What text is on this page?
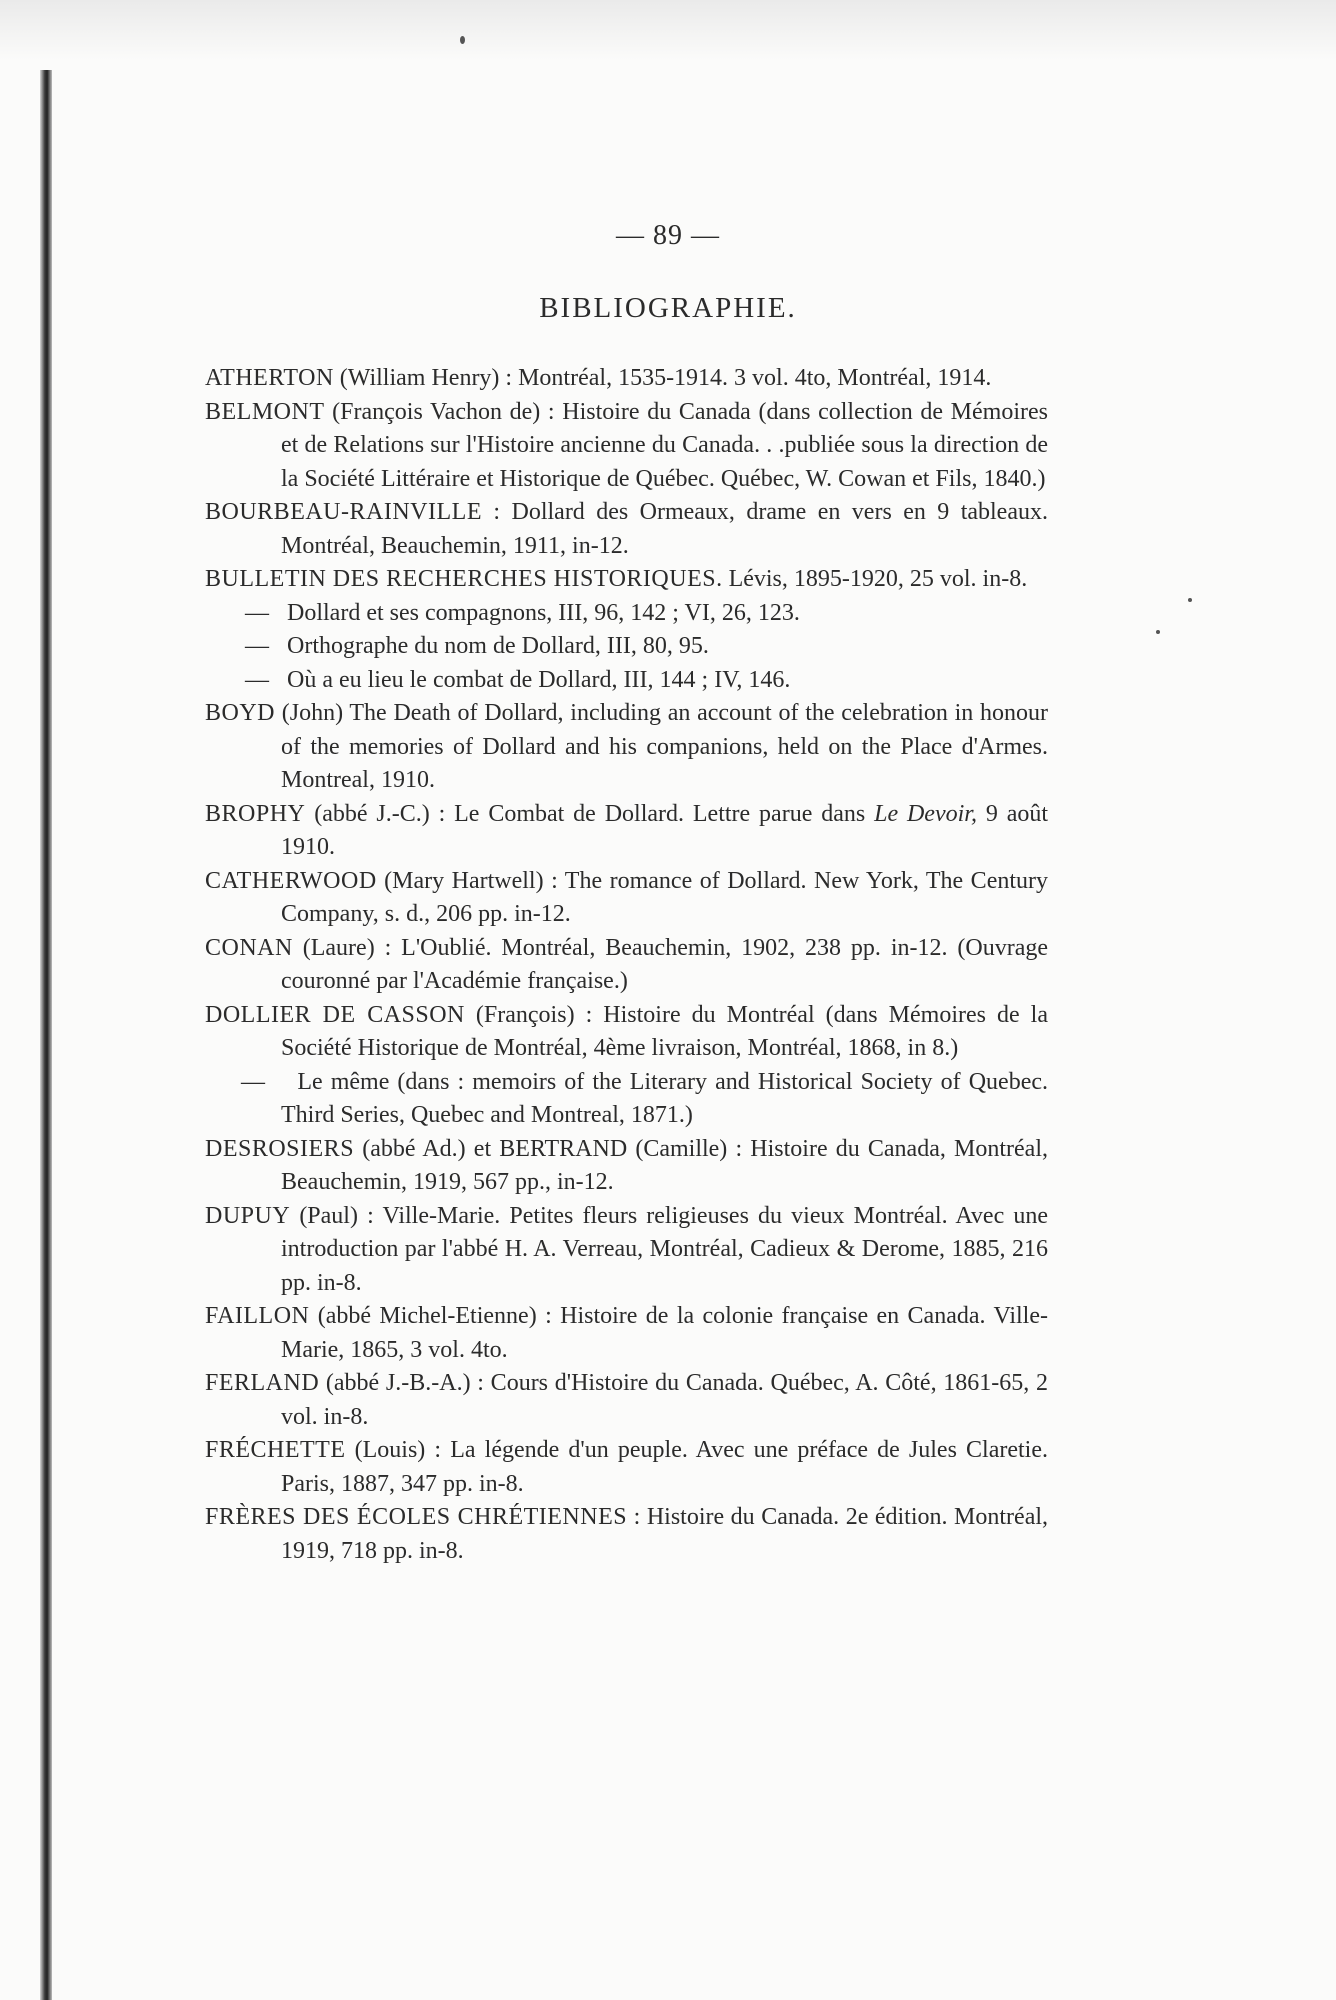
— 89 —
BIBLIOGRAPHIE.

ATHERTON (William Henry) : Montréal, 1535-1914. 3 vol. 4to, Montréal, 1914.

BELMONT (François Vachon de) : Histoire du Canada (dans collection de Mémoires et de Relations sur l'Histoire ancienne du Canada. . .publiée sous la direction de la Société Littéraire et Historique de Québec. Québec, W. Cowan et Fils, 1840.)

BOURBEAU-RAINVILLE : Dollard des Ormeaux, drame en vers en 9 tableaux. Montréal, Beauchemin, 1911, in-12.

BULLETIN DES RECHERCHES HISTORIQUES. Lévis, 1895-1920, 25 vol. in-8.

— Dollard et ses compagnons, III, 96, 142 ; VI, 26, 123.

— Orthographe du nom de Dollard, III, 80, 95.

— Où a eu lieu le combat de Dollard, III, 144 ; IV, 146.

BOYD (John) The Death of Dollard, including an account of the celebration in honour of the memories of Dollard and his companions, held on the Place d'Armes. Montreal, 1910.

BROPHY (abbé J.-C.) : Le Combat de Dollard. Lettre parue dans Le Devoir, 9 août 1910.

CATHERWOOD (Mary Hartwell) : The romance of Dollard. New York, The Century Company, s. d., 206 pp. in-12.

CONAN (Laure) : L'Oublié. Montréal, Beauchemin, 1902, 238 pp. in-12. (Ouvrage couronné par l'Académie française.)

DOLLIER DE CASSON (François) : Histoire du Montréal (dans Mémoires de la Société Historique de Montréal, 4ème livraison, Montréal, 1868, in 8.)

— Le même (dans : memoirs of the Literary and Historical Society of Quebec. Third Series, Quebec and Montreal, 1871.)

DESROSIERS (abbé Ad.) et BERTRAND (Camille) : Histoire du Canada, Montréal, Beauchemin, 1919, 567 pp., in-12.

DUPUY (Paul) : Ville-Marie. Petites fleurs religieuses du vieux Montréal. Avec une introduction par l'abbé H. A. Verreau, Montréal, Cadieux & Derome, 1885, 216 pp. in-8.

FAILLON (abbé Michel-Etienne) : Histoire de la colonie française en Canada. Ville-Marie, 1865, 3 vol. 4to.

FERLAND (abbé J.-B.-A.) : Cours d'Histoire du Canada. Québec, A. Côté, 1861-65, 2 vol. in-8.

FRÉCHETTE (Louis) : La légende d'un peuple. Avec une préface de Jules Claretie. Paris, 1887, 347 pp. in-8.

FRÈRES DES ÉCOLES CHRÉTIENNES : Histoire du Canada. 2e édition. Montréal, 1919, 718 pp. in-8.
